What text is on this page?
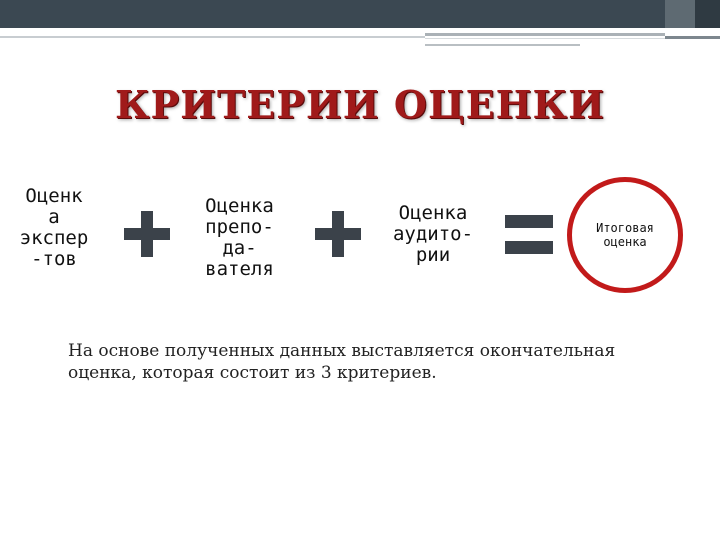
КРИТЕРИИ ОЦЕНКИ
Оценк
а
экспер
-тов
Оценка
препо-
да-
вателя
Оценка
аудито-
рии
Итоговая
оценка
На основе полученных данных выставляется окончательная оценка, которая состоит из 3 критериев.
